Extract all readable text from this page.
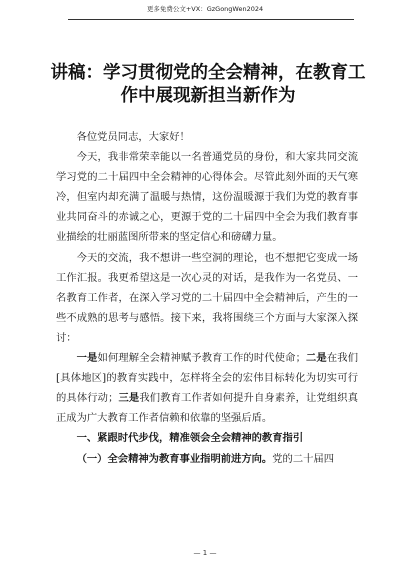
更多免费公文+VX：GzGongWen2024
讲稿：学习贯彻党的全会精神，在教育工作中展现新担当新作为

各位党员同志，大家好！

今天，我非常荣幸能以一名普通党员的身份，和大家共同交流学习党的二十届四中全会精神的心得体会。尽管此刻外面的天气寒冷，但室内却充满了温暖与热情，这份温暖源于我们为党的教育事业共同奋斗的赤诚之心，更源于党的二十届四中全会为我们教育事业描绘的壮丽蓝图所带来的坚定信心和磅礴力量。

今天的交流，我不想讲一些空洞的理论，也不想把它变成一场工作汇报。我更希望这是一次心灵的对话，是我作为一名党员、一名教育工作者，在深入学习党的二十届四中全会精神后，产生的一些不成熟的思考与感悟。接下来，我将围绕三个方面与大家深入探讨：

一是如何理解全会精神赋予教育工作的时代使命；二是在我们[具体地区]的教育实践中，怎样将全会的宏伟目标转化为切实可行的具体行动；三是我们教育工作者如何提升自身素养，让党组织真正成为广大教育工作者信赖和依靠的坚强后盾。

一、紧跟时代步伐，精准领会全会精神的教育指引

（一）全会精神为教育事业指明前进方向。党的二十届四

— 1 —
